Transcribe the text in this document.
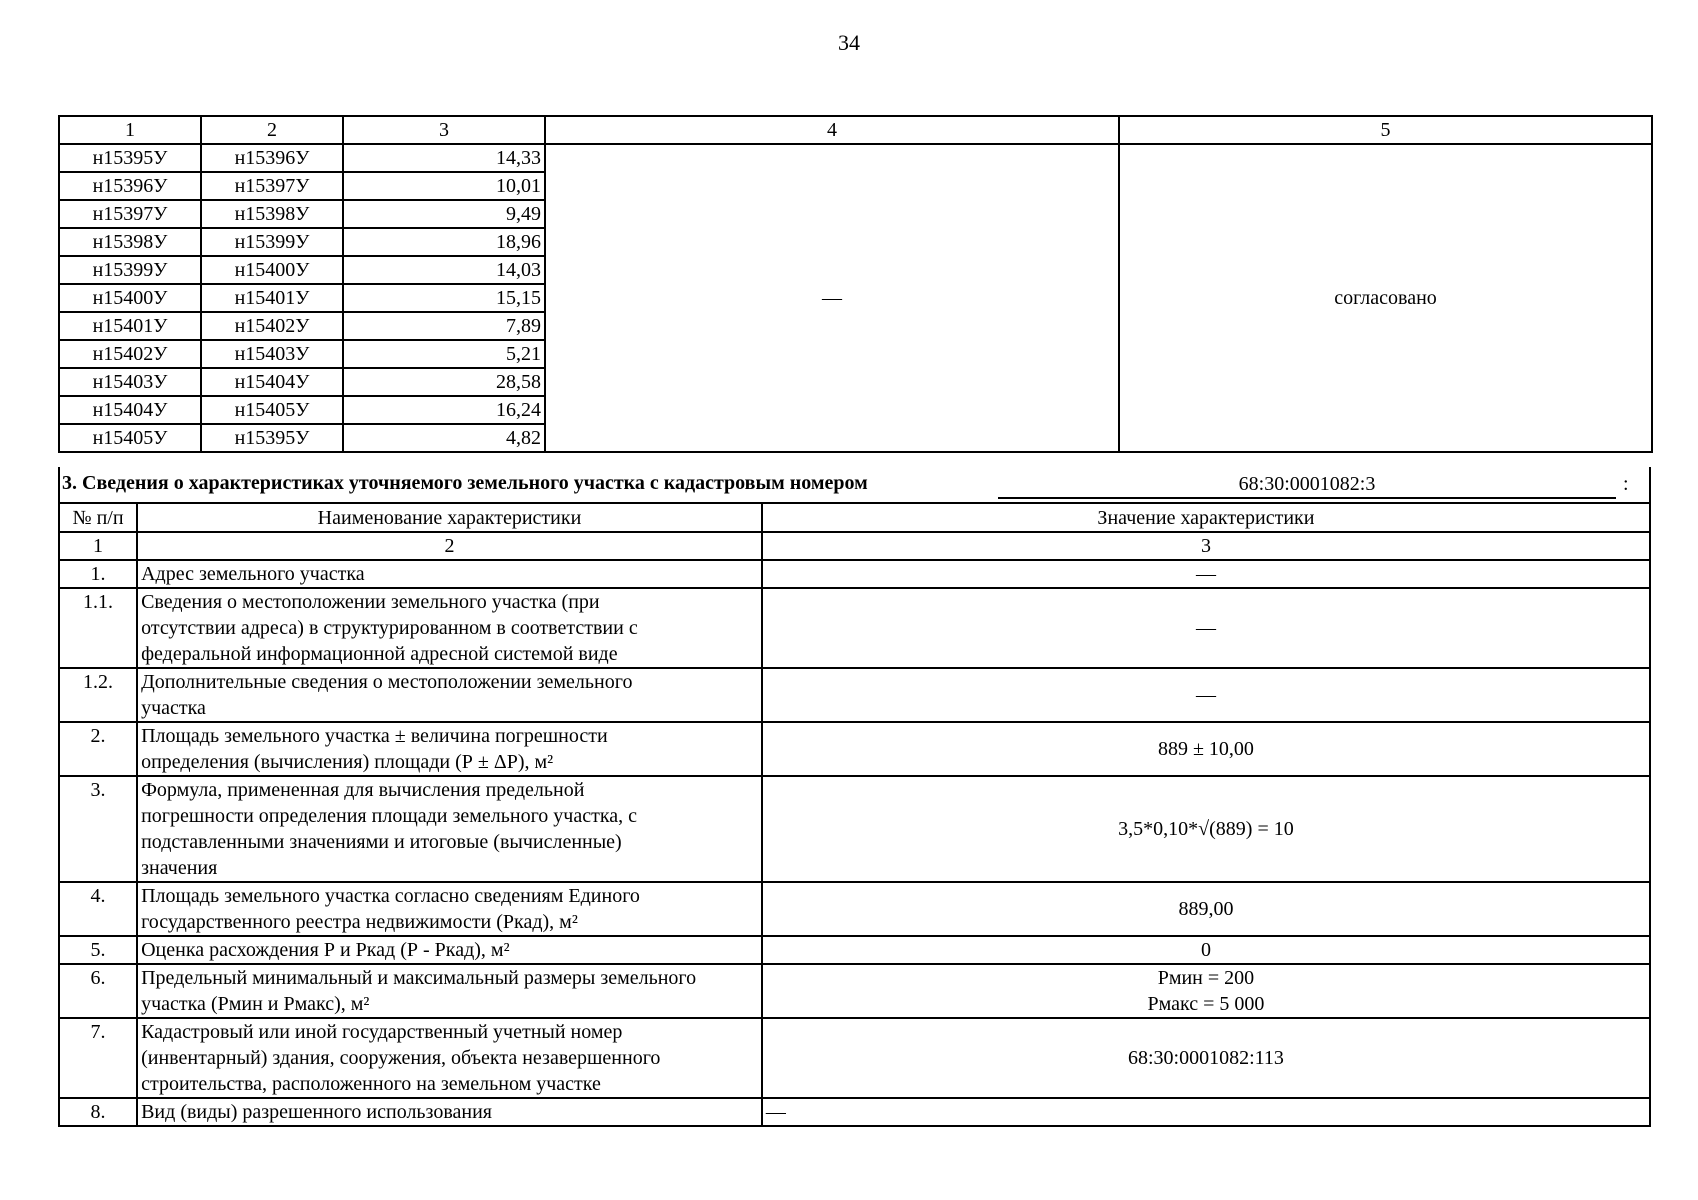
34
1	2	3	4	5
н15395У	н15396У	14,33	—	согласовано
н15396У	н15397У	10,01		
н15397У	н15398У	9,49		
н15398У	н15399У	18,96		
н15399У	н15400У	14,03		
н15400У	н15401У	15,15		
н15401У	н15402У	7,89		
н15402У	н15403У	5,21		
н15403У	н15404У	28,58		
н15404У	н15405У	16,24		
н15405У	н15395У	4,82		
3. Сведения о характеристиках уточняемого земельного участка с кадастровым номером	68:30:0001082:3	:
№ п/п	Наименование характеристики	Значение характеристики
1	2	3
1.	Адрес земельного участка	—

1.1.	Сведения о местоположении земельного участка (при
отсутствии адреса) в структурированном в соответствии с
федеральной информационной адресной системой виде	—

1.2.	Дополнительные сведения о местоположении земельного
участка	—

2.	Площадь земельного участка ± величина погрешности
определения (вычисления) площади (Р ± ΔР), м²	889 ± 10,00

3.	Формула, примененная для вычисления предельной
погрешности определения площади земельного участка, с
подставленными значениями и итоговые (вычисленные)
значения	3,5*0,10*√(889) = 10

4.	Площадь земельного участка согласно сведениям Единого
государственного реестра недвижимости (Ркад), м²	889,00

5.	Оценка расхождения Р и Ркад (Р - Ркад), м²	0

6.	Предельный минимальный и максимальный размеры земельного
участка (Рмин и Рмакс), м²	Рмин = 200
Рмакс = 5 000

7.	Кадастровый или иной государственный учетный номер
(инвентарный) здания, сооружения, объекта незавершенного
строительства, расположенного на земельном участке	68:30:0001082:113

8.	Вид (виды) разрешенного использования	—
